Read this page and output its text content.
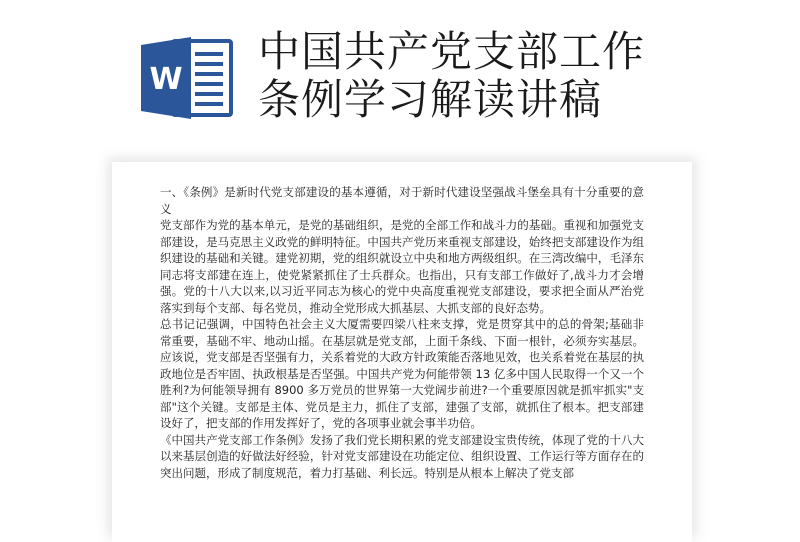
W
中国共产党支部工作
条例学习解读讲稿

一、《条例》是新时代党支部建设的基本遵循，对于新时代建设坚强战斗堡垒具有十分重要的意义

党支部作为党的基本单元，是党的基础组织，是党的全部工作和战斗力的基础。重视和加强党支部建设，是马克思主义政党的鲜明特征。中国共产党历来重视支部建设，始终把支部建设作为组织建设的基础和关键。建党初期，党的组织就设立中央和地方两级组织。在三湾改编中，毛泽东同志将支部建在连上，使党紧紧抓住了士兵群众。也指出，只有支部工作做好了,战斗力才会增强。党的十八大以来,以习近平同志为核心的党中央高度重视党支部建设，要求把全面从严治党落实到每个支部、每名党员，推动全党形成大抓基层、大抓支部的良好态势。

总书记记强调，中国特色社会主义大厦需要四梁八柱来支撑，党是贯穿其中的总的骨架;基础非常重要，基础不牢、地动山摇。在基层就是党支部，上面千条线、下面一根针，必须夯实基层。应该说，党支部是否坚强有力，关系着党的大政方针政策能否落地见效，也关系着党在基层的执政地位是否牢固、执政根基是否坚强。中国共产党为何能带领 13 亿多中国人民取得一个又一个胜利?为何能领导拥有 8900 多万党员的世界第一大党阔步前进?一个重要原因就是抓牢抓实"支部"这个关键。支部是主体、党员是主力，抓住了支部，建强了支部，就抓住了根本。把支部建设好了，把支部的作用发挥好了，党的各项事业就会事半功倍。

《中国共产党支部工作条例》发扬了我们党长期积累的党支部建设宝贵传统，体现了党的十八大以来基层创造的好做法好经验，针对党支部建设在功能定位、组织设置、工作运行等方面存在的突出问题，形成了制度规范，着力打基础、利长远。特别是从根本上解决了党支部
